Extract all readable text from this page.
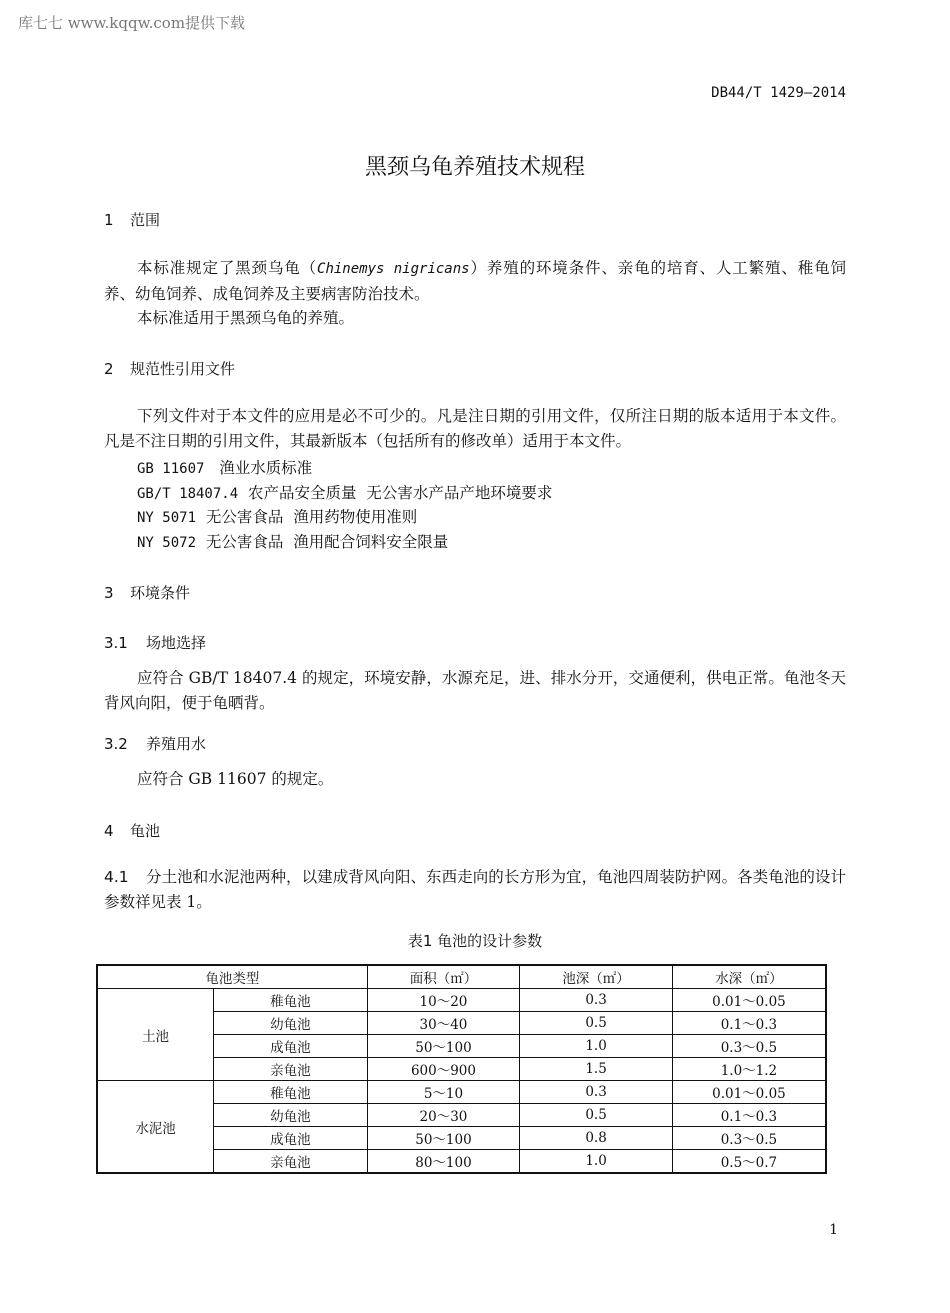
库七七 www.kqqw.com提供下载
DB44/T 1429—2014
黑颈乌龟养殖技术规程
1 范围
本标准规定了黑颈乌龟（Chinemys nigricans）养殖的环境条件、亲龟的培育、人工繁殖、稚龟饲养、幼龟饲养、成龟饲养及主要病害防治技术。
本标准适用于黑颈乌龟的养殖。
2 规范性引用文件
下列文件对于本文件的应用是必不可少的。凡是注日期的引用文件，仅所注日期的版本适用于本文件。凡是不注日期的引用文件，其最新版本（包括所有的修改单）适用于本文件。
GB 11607 渔业水质标准
GB/T 18407.4 农产品安全质量  无公害水产品产地环境要求
NY 5071 无公害食品  渔用药物使用准则
NY 5072 无公害食品  渔用配合饲料安全限量
3 环境条件
3.1 场地选择
应符合 GB/T 18407.4 的规定，环境安静，水源充足，进、排水分开，交通便利，供电正常。龟池冬天背风向阳，便于龟晒背。
3.2 养殖用水
应符合 GB 11607 的规定。
4 龟池
4.1 分土池和水泥池两种，以建成背风向阳、东西走向的长方形为宜，龟池四周装防护网。各类龟池的设计参数祥见表 1。
表1 龟池的设计参数
龟池类型		面积（㎡）	池深（㎡）	水深（㎡）
土池	稚龟池	10～20	0.3	0.01～0.05
	幼龟池	30～40	0.5	0.1～0.3
	成龟池	50～100	1.0	0.3～0.5
	亲龟池	600～900	1.5	1.0～1.2
水泥池	稚龟池	5～10	0.3	0.01～0.05
	幼龟池	20～30	0.5	0.1～0.3
	成龟池	50～100	0.8	0.3～0.5
	亲龟池	80～100	1.0	0.5～0.7
1
